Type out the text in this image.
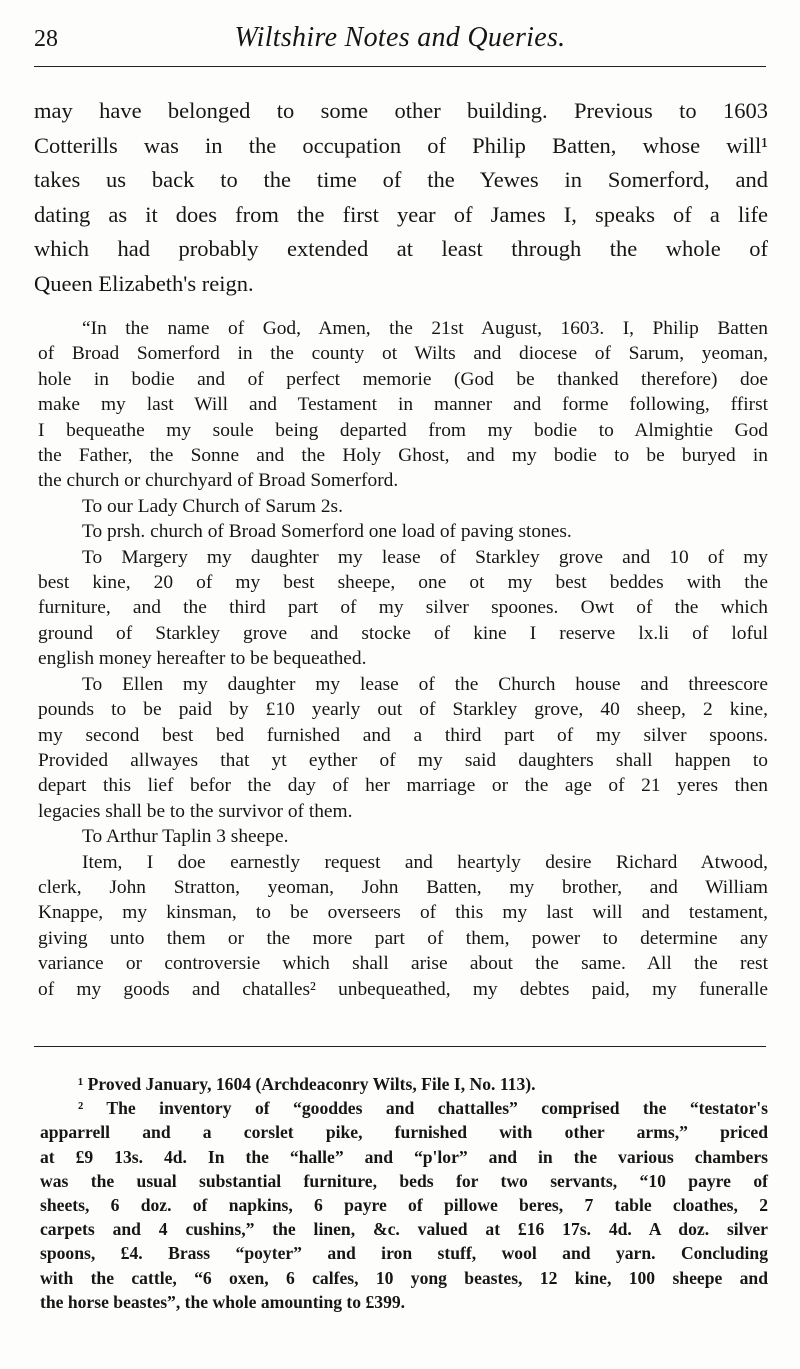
28	Wiltshire Notes and Queries.

may have belonged to some other building. Previous to 1603
Cotterills was in the occupation of Philip Batten, whose will¹
takes us back to the time of the Yewes in Somerford, and
dating as it does from the first year of James I, speaks of a life
which had probably extended at least through the whole of
Queen Elizabeth's reign.

“In the name of God, Amen, the 21st August, 1603. I, Philip Batten
of Broad Somerford in the county ot Wilts and diocese of Sarum, yeoman,
hole in bodie and of perfect memorie (God be thanked therefore) doe
make my last Will and Testament in manner and forme following, ffirst
I bequeathe my soule being departed from my bodie to Almightie God
the Father, the Sonne and the Holy Ghost, and my bodie to be buryed in
the church or churchyard of Broad Somerford.
To our Lady Church of Sarum 2s.
To prsh. church of Broad Somerford one load of paving stones.
To Margery my daughter my lease of Starkley grove and 10 of my
best kine, 20 of my best sheepe, one ot my best beddes with the
furniture, and the third part of my silver spoones. Owt of the which
ground of Starkley grove and stocke of kine I reserve lx.li of loful
english money hereafter to be bequeathed.
To Ellen my daughter my lease of the Church house and threescore
pounds to be paid by £10 yearly out of Starkley grove, 40 sheep, 2 kine,
my second best bed furnished and a third part of my silver spoons.
Provided allwayes that yt eyther of my said daughters shall happen to
depart this lief befor the day of her marriage or the age of 21 yeres then
legacies shall be to the survivor of them.
To Arthur Taplin 3 sheepe.
Item, I doe earnestly request and heartyly desire Richard Atwood,
clerk, John Stratton, yeoman, John Batten, my brother, and William
Knappe, my kinsman, to be overseers of this my last will and testament,
giving unto them or the more part of them, power to determine any
variance or controversie which shall arise about the same. All the rest
of my goods and chatalles² unbequeathed, my debtes paid, my funeralle
¹ Proved January, 1604 (Archdeaconry Wilts, File I, No. 113).
² The inventory of “gooddes and chattalles” comprised the “testator's
apparrell and a corslet pike, furnished with other arms,” priced
at £9 13s. 4d. In the “halle” and “p'lor” and in the various chambers
was the usual substantial furniture, beds for two servants, “10 payre of
sheets, 6 doz. of napkins, 6 payre of pillowe beres, 7 table cloathes, 2
carpets and 4 cushins,” the linen, &c. valued at £16 17s. 4d. A doz. silver
spoons, £4. Brass “poyter” and iron stuff, wool and yarn. Concluding
with the cattle, “6 oxen, 6 calfes, 10 yong beastes, 12 kine, 100 sheepe and
the horse beastes”, the whole amounting to £399.
